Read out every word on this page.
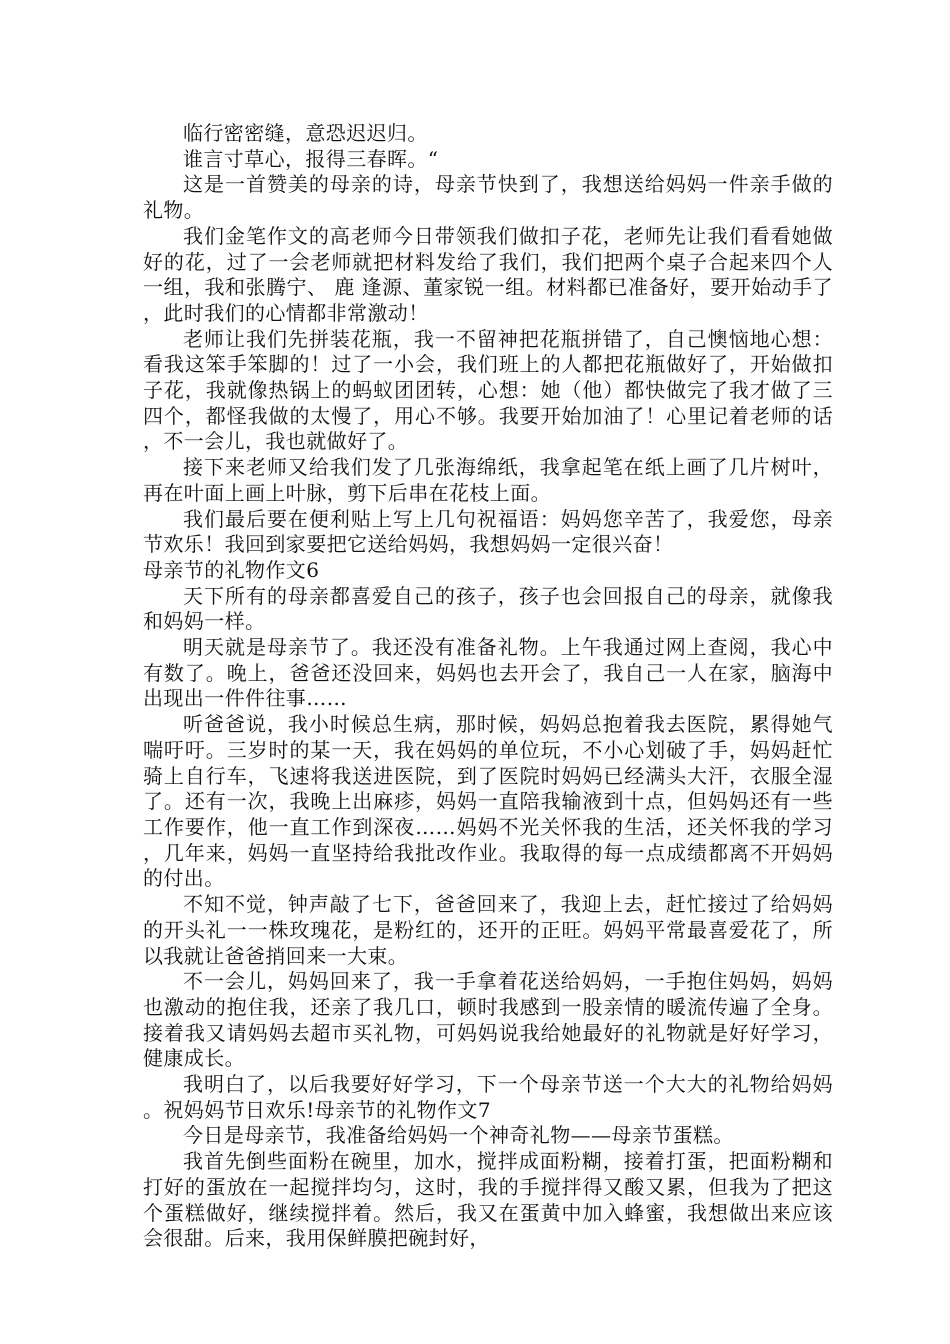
临行密密缝，意恐迟迟归。

谁言寸草心，报得三春晖。“

这是一首赞美的母亲的诗，母亲节快到了，我想送给妈妈一件亲手做的礼物。

我们金笔作文的高老师今日带领我们做扣子花，老师先让我们看看她做好的花，过了一会老师就把材料发给了我们，我们把两个桌子合起来四个人一组，我和张腾宁、 鹿 逢源、董家锐一组。材料都已准备好，要开始动手了，此时我们的心情都非常激动！

老师让我们先拼装花瓶，我一不留神把花瓶拼错了，自己懊恼地心想：看我这笨手笨脚的！过了一小会，我们班上的人都把花瓶做好了，开始做扣子花，我就像热锅上的蚂蚁团团转，心想：她（他）都快做完了我才做了三四个，都怪我做的太慢了，用心不够。我要开始加油了！心里记着老师的话，不一会儿，我也就做好了。

接下来老师又给我们发了几张海绵纸，我拿起笔在纸上画了几片树叶，再在叶面上画上叶脉，剪下后串在花枝上面。

我们最后要在便利贴上写上几句祝福语：妈妈您辛苦了，我爱您，母亲节欢乐！我回到家要把它送给妈妈，我想妈妈一定很兴奋！

母亲节的礼物作文6

天下所有的母亲都喜爱自己的孩子，孩子也会回报自己的母亲，就像我和妈妈一样。

明天就是母亲节了。我还没有准备礼物。上午我通过网上查阅，我心中有数了。晚上，爸爸还没回来，妈妈也去开会了，我自己一人在家，脑海中出现出一件件往事……

听爸爸说，我小时候总生病，那时候，妈妈总抱着我去医院，累得她气喘吁吁。三岁时的某一天，我在妈妈的单位玩，不小心划破了手，妈妈赶忙骑上自行车，飞速将我送进医院，到了医院时妈妈已经满头大汗，衣服全湿了。还有一次，我晚上出麻疹，妈妈一直陪我输液到十点，但妈妈还有一些工作要作，他一直工作到深夜……妈妈不光关怀我的生活，还关怀我的学习，几年来，妈妈一直坚持给我批改作业。我取得的每一点成绩都离不开妈妈的付出。

不知不觉，钟声敲了七下，爸爸回来了，我迎上去，赶忙接过了给妈妈的开头礼一一株玫瑰花，是粉红的，还开的正旺。妈妈平常最喜爱花了，所以我就让爸爸捎回来一大束。

不一会儿，妈妈回来了，我一手拿着花送给妈妈，一手抱住妈妈，妈妈也激动的抱住我，还亲了我几口，顿时我感到一股亲情的暖流传遍了全身。接着我又请妈妈去超市买礼物，可妈妈说我给她最好的礼物就是好好学习，健康成长。

我明白了，以后我要好好学习，下一个母亲节送一个大大的礼物给妈妈。祝妈妈节日欢乐!母亲节的礼物作文7

今日是母亲节，我准备给妈妈一个神奇礼物——母亲节蛋糕。

我首先倒些面粉在碗里，加水，搅拌成面粉糊，接着打蛋，把面粉糊和打好的蛋放在一起搅拌均匀，这时，我的手搅拌得又酸又累，但我为了把这个蛋糕做好，继续搅拌着。然后，我又在蛋黄中加入蜂蜜，我想做出来应该会很甜。后来，我用保鲜膜把碗封好，
